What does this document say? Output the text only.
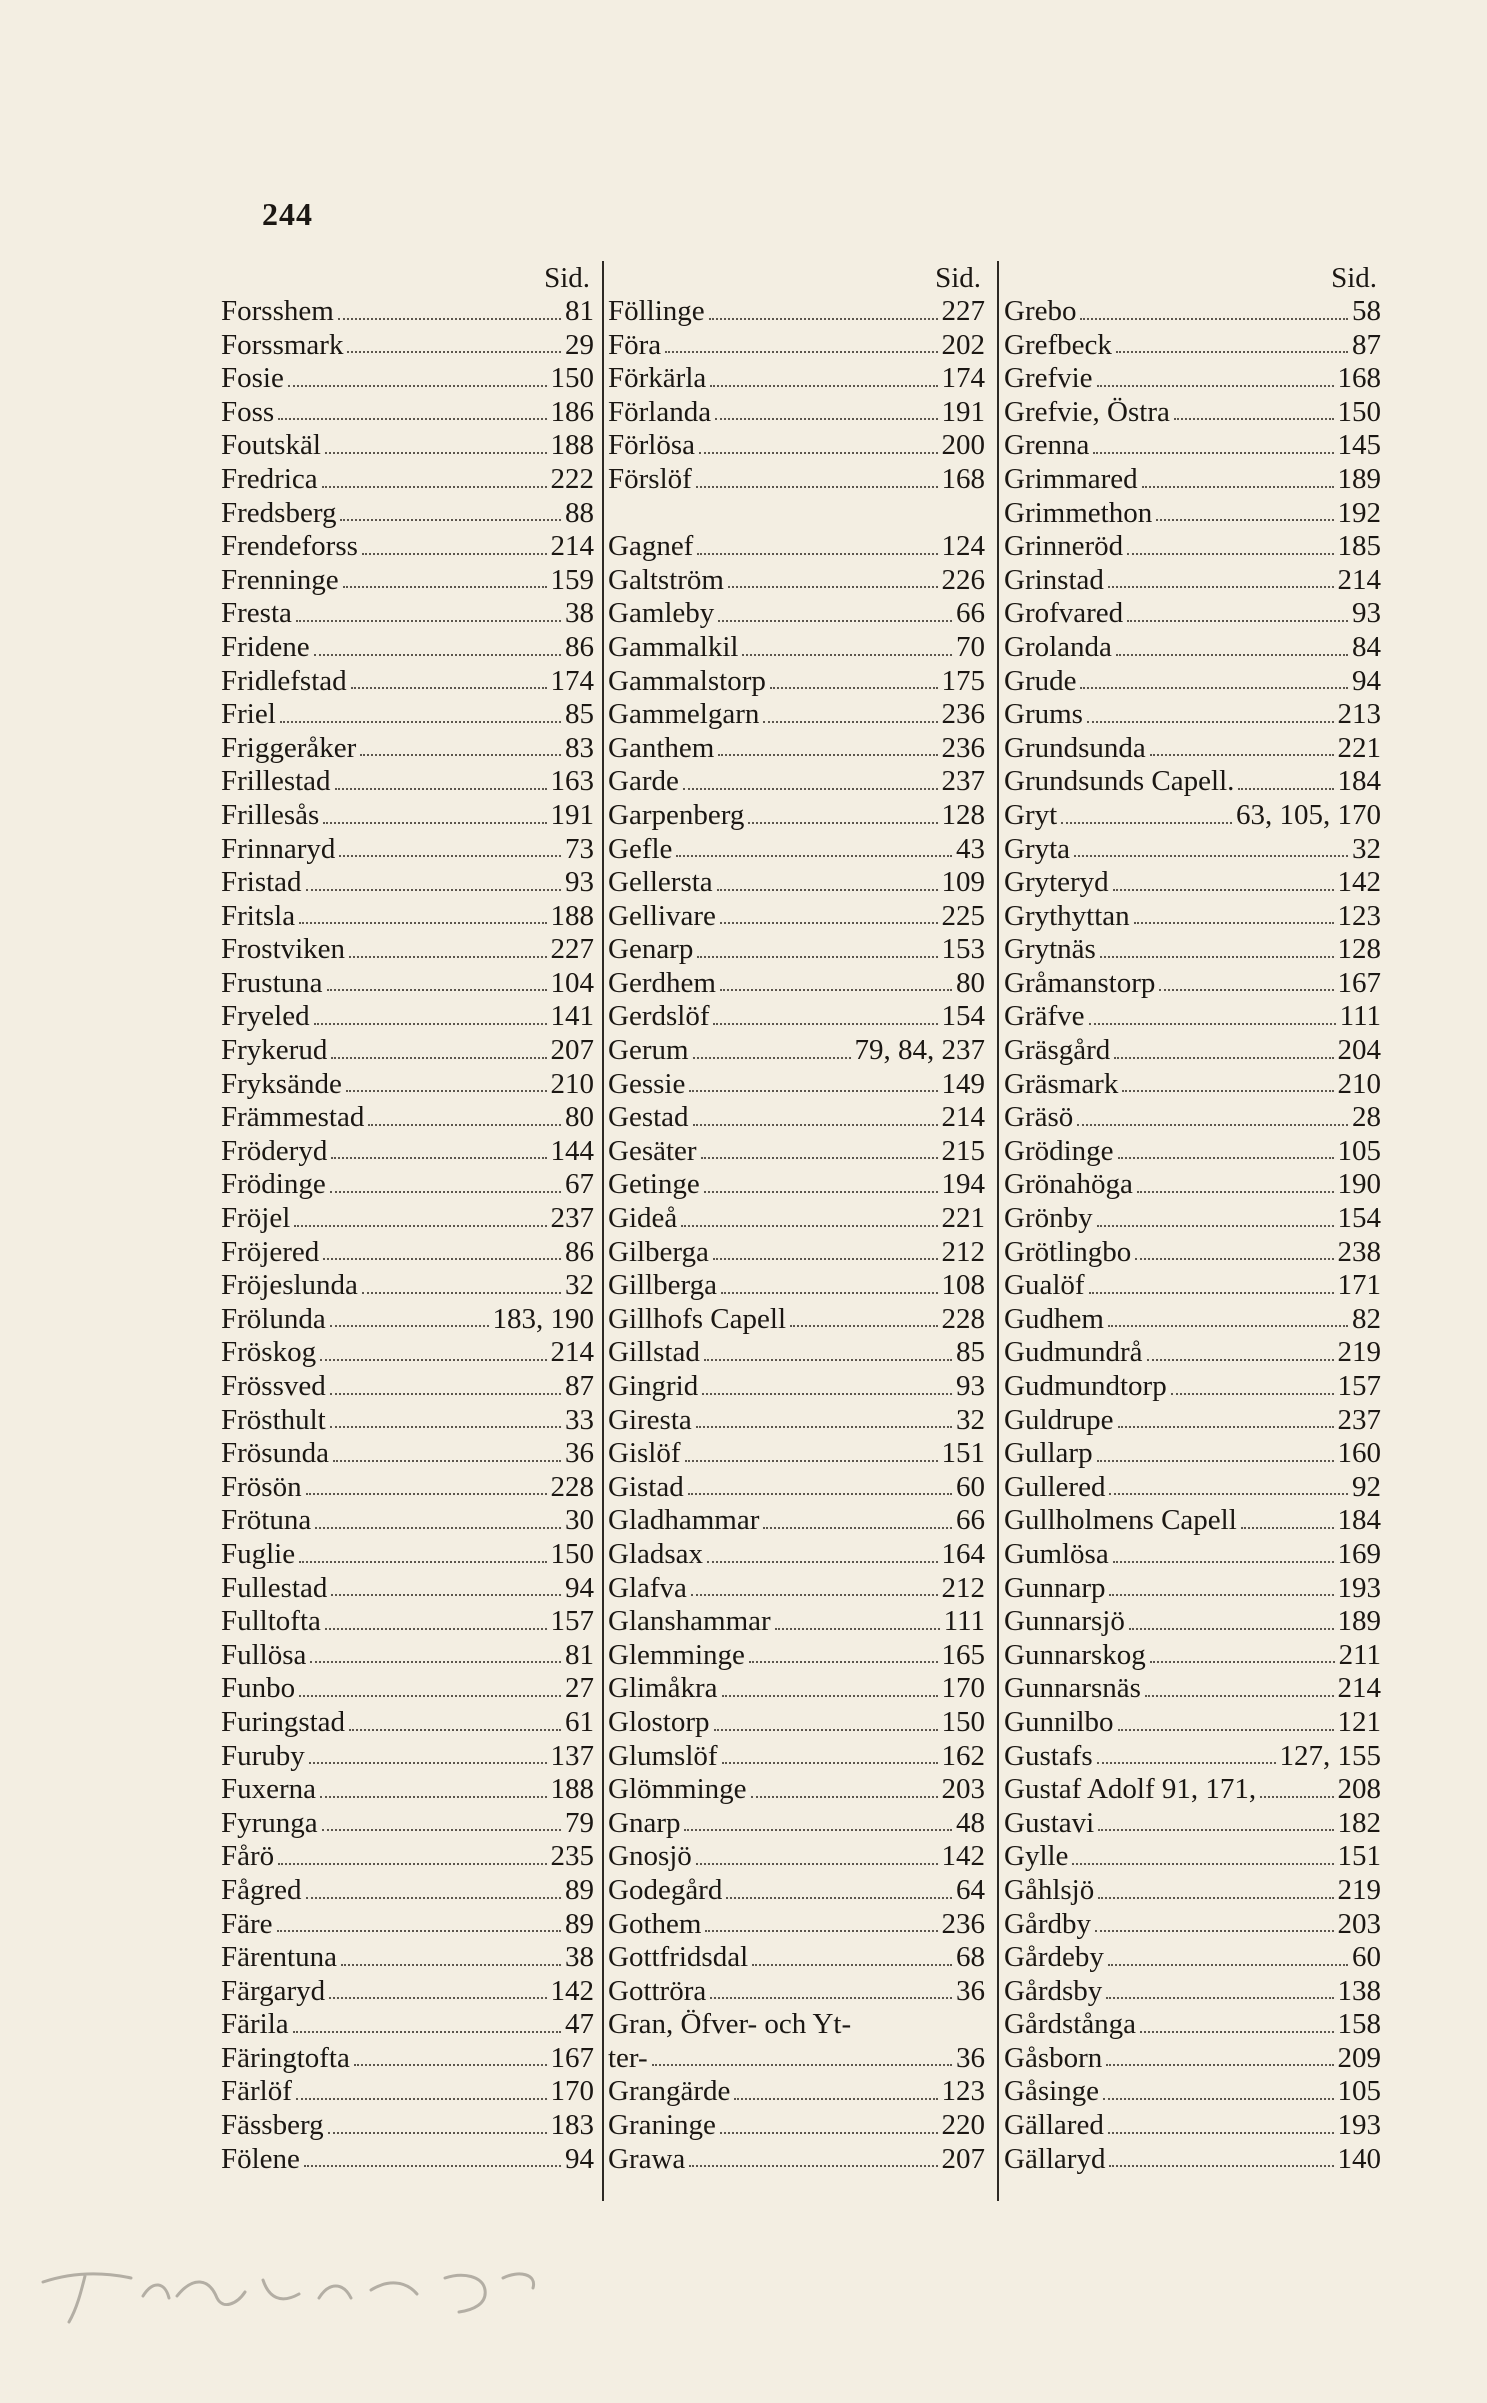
244
Sid.
Forsshem	81
Forssmark	29
Fosie	150
Foss	186
Foutskäl	188
Fredrica	222
Fredsberg	88
Frendeforss	214
Frenninge	159
Fresta	38
Fridene	86
Fridlefstad	174
Friel	85
Friggeråker	83
Frillestad	163
Frillesås	191
Frinnaryd	73
Fristad	93
Fritsla	188
Frostviken	227
Frustuna	104
Fryeled	141
Frykerud	207
Fryksände	210
Främmestad	80
Fröderyd	144
Frödinge	67
Fröjel	237
Fröjered	86
Fröjeslunda	32
Frölunda	183, 190
Fröskog	214
Frössved	87
Frösthult	33
Frösunda	36
Frösön	228
Frötuna	30
Fuglie	150
Fullestad	94
Fulltofta	157
Fullösa	81
Funbo	27
Furingstad	61
Furuby	137
Fuxerna	188
Fyrunga	79
Fårö	235
Fågred	89
Färe	89
Färentuna	38
Färgaryd	142
Färila	47
Färingtofta	167
Färlöf	170
Fässberg	183
Fölene	94
Sid.
Föllinge	227
Föra	202
Förkärla	174
Förlanda	191
Förlösa	200
Förslöf	168
Gagnef	124
Galtström	226
Gamleby	66
Gammalkil	70
Gammalstorp	175
Gammelgarn	236
Ganthem	236
Garde	237
Garpenberg	128
Gefle	43
Gellersta	109
Gellivare	225
Genarp	153
Gerdhem	80
Gerdslöf	154
Gerum	79, 84, 237
Gessie	149
Gestad	214
Gesäter	215
Getinge	194
Gideå	221
Gilberga	212
Gillberga	108
Gillhofs Capell	228
Gillstad	85
Gingrid	93
Giresta	32
Gislöf	151
Gistad	60
Gladhammar	66
Gladsax	164
Glafva	212
Glanshammar	111
Glemminge	165
Glimåkra	170
Glostorp	150
Glumslöf	162
Glömminge	203
Gnarp	48
Gnosjö	142
Godegård	64
Gothem	236
Gottfridsdal	68
Gottröra	36
Gran, Öfver- och Yt-
ter-	36
Grangärde	123
Graninge	220
Grawa	207
Sid.
Grebo	58
Grefbeck	87
Grefvie	168
Grefvie, Östra	150
Grenna	145
Grimmared	189
Grimmethon	192
Grinneröd	185
Grinstad	214
Grofvared	93
Grolanda	84
Grude	94
Grums	213
Grundsunda	221
Grundsunds Capell.	184
Gryt	63, 105, 170
Gryta	32
Gryteryd	142
Grythyttan	123
Grytnäs	128
Gråmanstorp	167
Gräfve	111
Gräsgård	204
Gräsmark	210
Gräsö	28
Grödinge	105
Grönahöga	190
Grönby	154
Grötlingbo	238
Gualöf	171
Gudhem	82
Gudmundrå	219
Gudmundtorp	157
Guldrupe	237
Gullarp	160
Gullered	92
Gullholmens Capell	184
Gumlösa	169
Gunnarp	193
Gunnarsjö	189
Gunnarskog	211
Gunnarsnäs	214
Gunnilbo	121
Gustafs	127, 155
Gustaf Adolf 91, 171,	208
Gustavi	182
Gylle	151
Gåhlsjö	219
Gårdby	203
Gårdeby	60
Gårdsby	138
Gårdstånga	158
Gåsborn	209
Gåsinge	105
Gällared	193
Gällaryd	140
